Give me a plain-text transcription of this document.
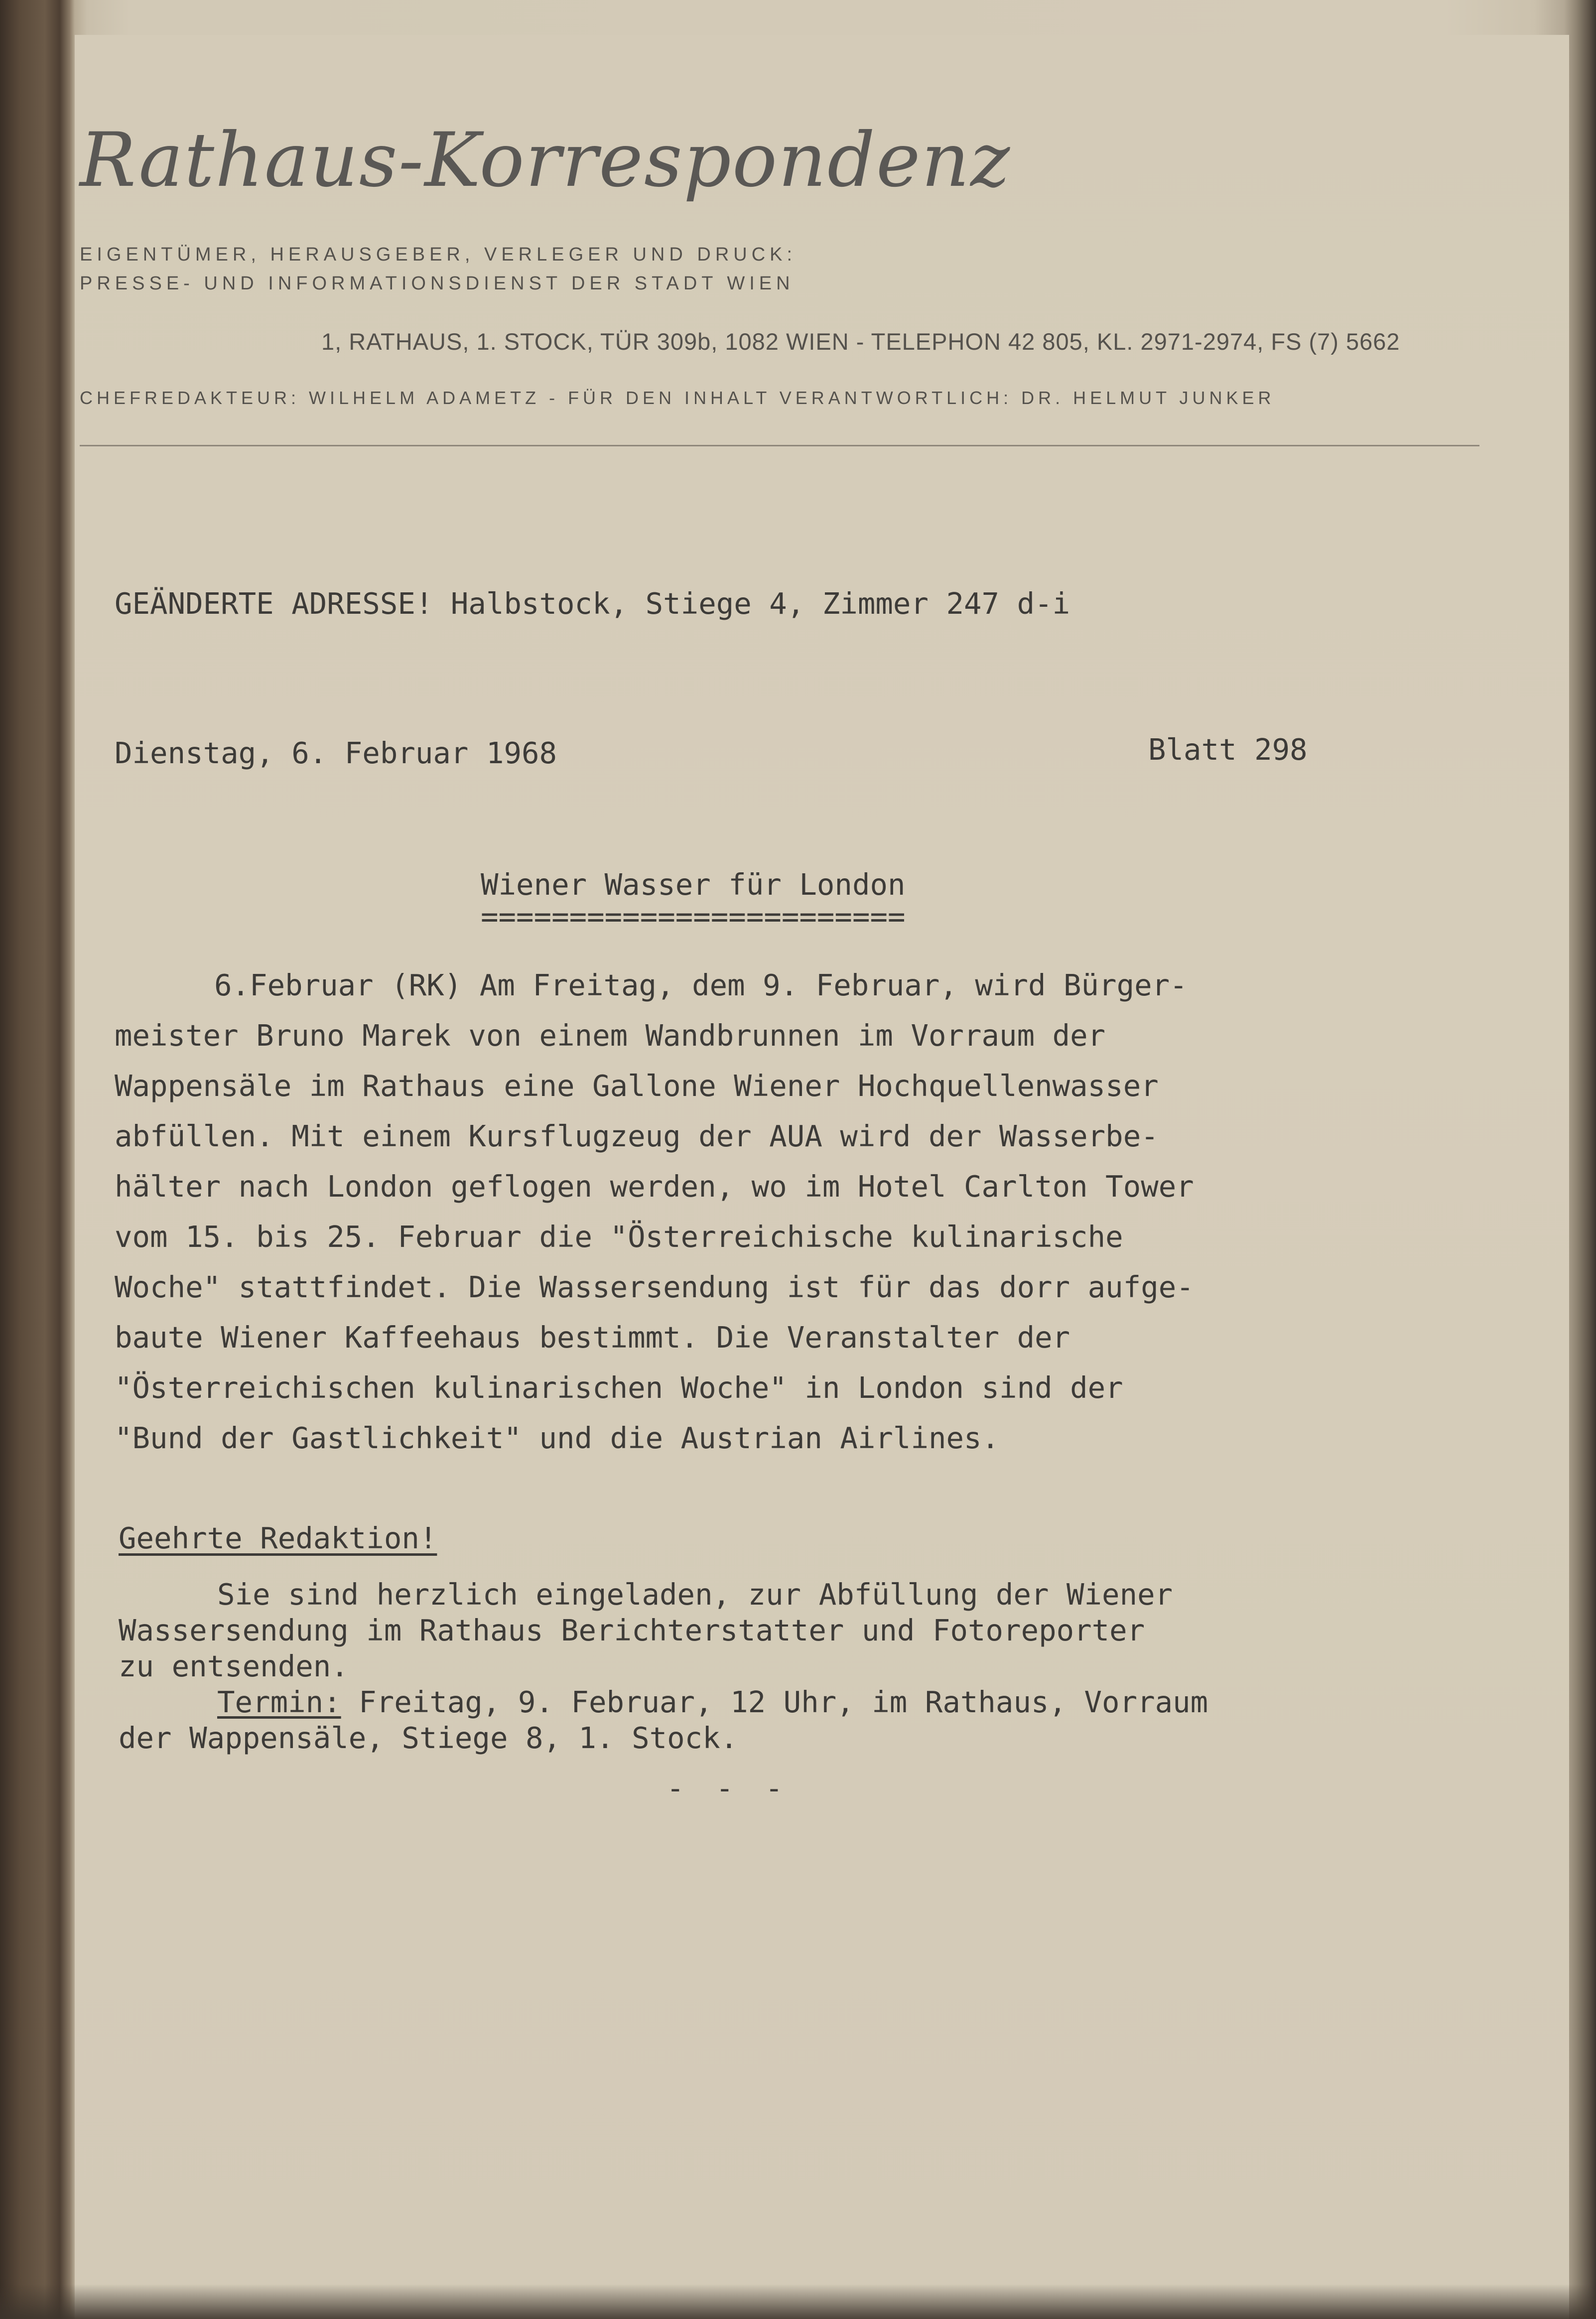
Rathaus-Korrespondenz
EIGENTÜMER, HERAUSGEBER, VERLEGER UND DRUCK:
PRESSE- UND INFORMATIONSDIENST DER STADT WIEN
1, RATHAUS, 1. STOCK, TÜR 309b, 1082 WIEN - TELEPHON 42 805, KL. 2971-2974, FS (7) 5662
CHEFREDAKTEUR: WILHELM ADAMETZ - FÜR DEN INHALT VERANTWORTLICH: DR. HELMUT JUNKER
GEÄNDERTE ADRESSE! Halbstock, Stiege 4, Zimmer 247 d-i
Dienstag, 6. Februar 1968	Blatt 298
Wiener Wasser für London
========================
6.Februar (RK) Am Freitag, dem 9. Februar, wird Bürger-
meister Bruno Marek von einem Wandbrunnen im Vorraum der
Wappensäle im Rathaus eine Gallone Wiener Hochquellenwasser
abfüllen. Mit einem Kursflugzeug der AUA wird der Wasserbe-
hälter nach London geflogen werden, wo im Hotel Carlton Tower
vom 15. bis 25. Februar die "Österreichische kulinarische
Woche" stattfindet. Die Wassersendung ist für das dorr aufge-
baute Wiener Kaffeehaus bestimmt. Die Veranstalter der
"Österreichischen kulinarischen Woche" in London sind der
"Bund der Gastlichkeit" und die Austrian Airlines.
Geehrte Redaktion!
Sie sind herzlich eingeladen, zur Abfüllung der Wiener
Wassersendung im Rathaus Berichterstatter und Fotoreporter
zu entsenden.
Termin: Freitag, 9. Februar, 12 Uhr, im Rathaus, Vorraum
der Wappensäle, Stiege 8, 1. Stock.
- - -
